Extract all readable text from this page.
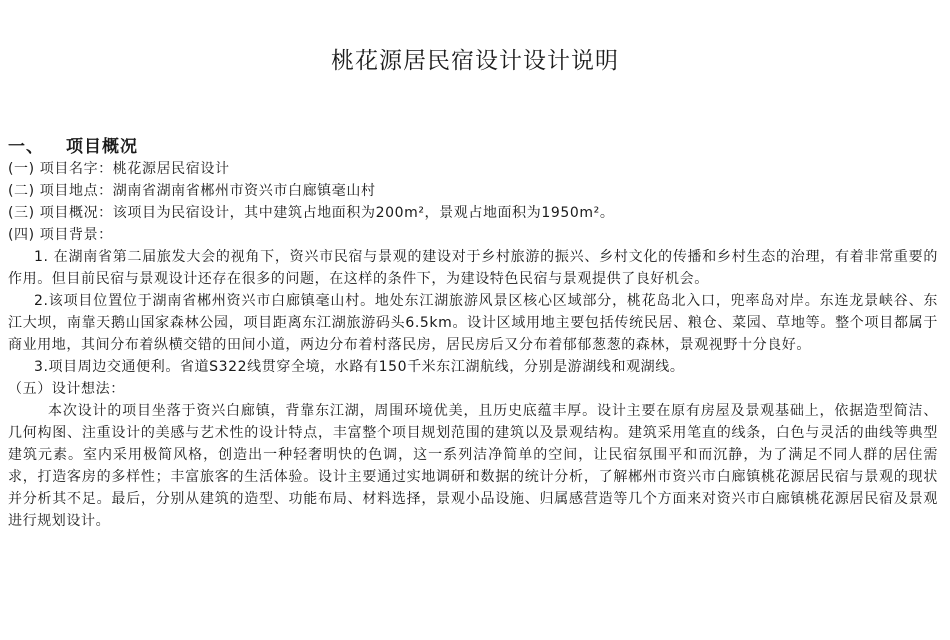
桃花源居民宿设计设计说明
一、 项目概况
(一) 项目名字：桃花源居民宿设计
(二) 项目地点：湖南省湖南省郴州市资兴市白廊镇毫山村
(三) 项目概况：该项目为民宿设计，其中建筑占地面积为200m²，景观占地面积为1950m²。
(四) 项目背景：
1. 在湖南省第二届旅发大会的视角下，资兴市民宿与景观的建设对于乡村旅游的振兴、乡村文化的传播和乡村生态的治理，有着非常重要的作用。但目前民宿与景观设计还存在很多的问题，在这样的条件下，为建设特色民宿与景观提供了良好机会。
2.该项目位置位于湖南省郴州资兴市白廊镇毫山村。地处东江湖旅游风景区核心区域部分，桃花岛北入口，兜率岛对岸。东连龙景峡谷、东江大坝，南靠天鹅山国家森林公园，项目距离东江湖旅游码头6.5km。设计区域用地主要包括传统民居、粮仓、菜园、草地等。整个项目都属于商业用地，其间分布着纵横交错的田间小道，两边分布着村落民房，居民房后又分布着郁郁葱葱的森林，景观视野十分良好。
3.项目周边交通便利。省道S322线贯穿全境，水路有150千米东江湖航线，分别是游湖线和观湖线。
（五）设计想法：
本次设计的项目坐落于资兴白廊镇，背靠东江湖，周围环境优美，且历史底蕴丰厚。设计主要在原有房屋及景观基础上，依据造型简洁、几何构图、注重设计的美感与艺术性的设计特点，丰富整个项目规划范围的建筑以及景观结构。建筑采用笔直的线条，白色与灵活的曲线等典型建筑元素。室内采用极简风格，创造出一种轻奢明快的色调，这一系列洁净简单的空间，让民宿氛围平和而沉静，为了满足不同人群的居住需求，打造客房的多样性；丰富旅客的生活体验。设计主要通过实地调研和数据的统计分析，了解郴州市资兴市白廊镇桃花源居民宿与景观的现状并分析其不足。最后，分别从建筑的造型、功能布局、材料选择，景观小品设施、归属感营造等几个方面来对资兴市白廊镇桃花源居民宿及景观进行规划设计。
